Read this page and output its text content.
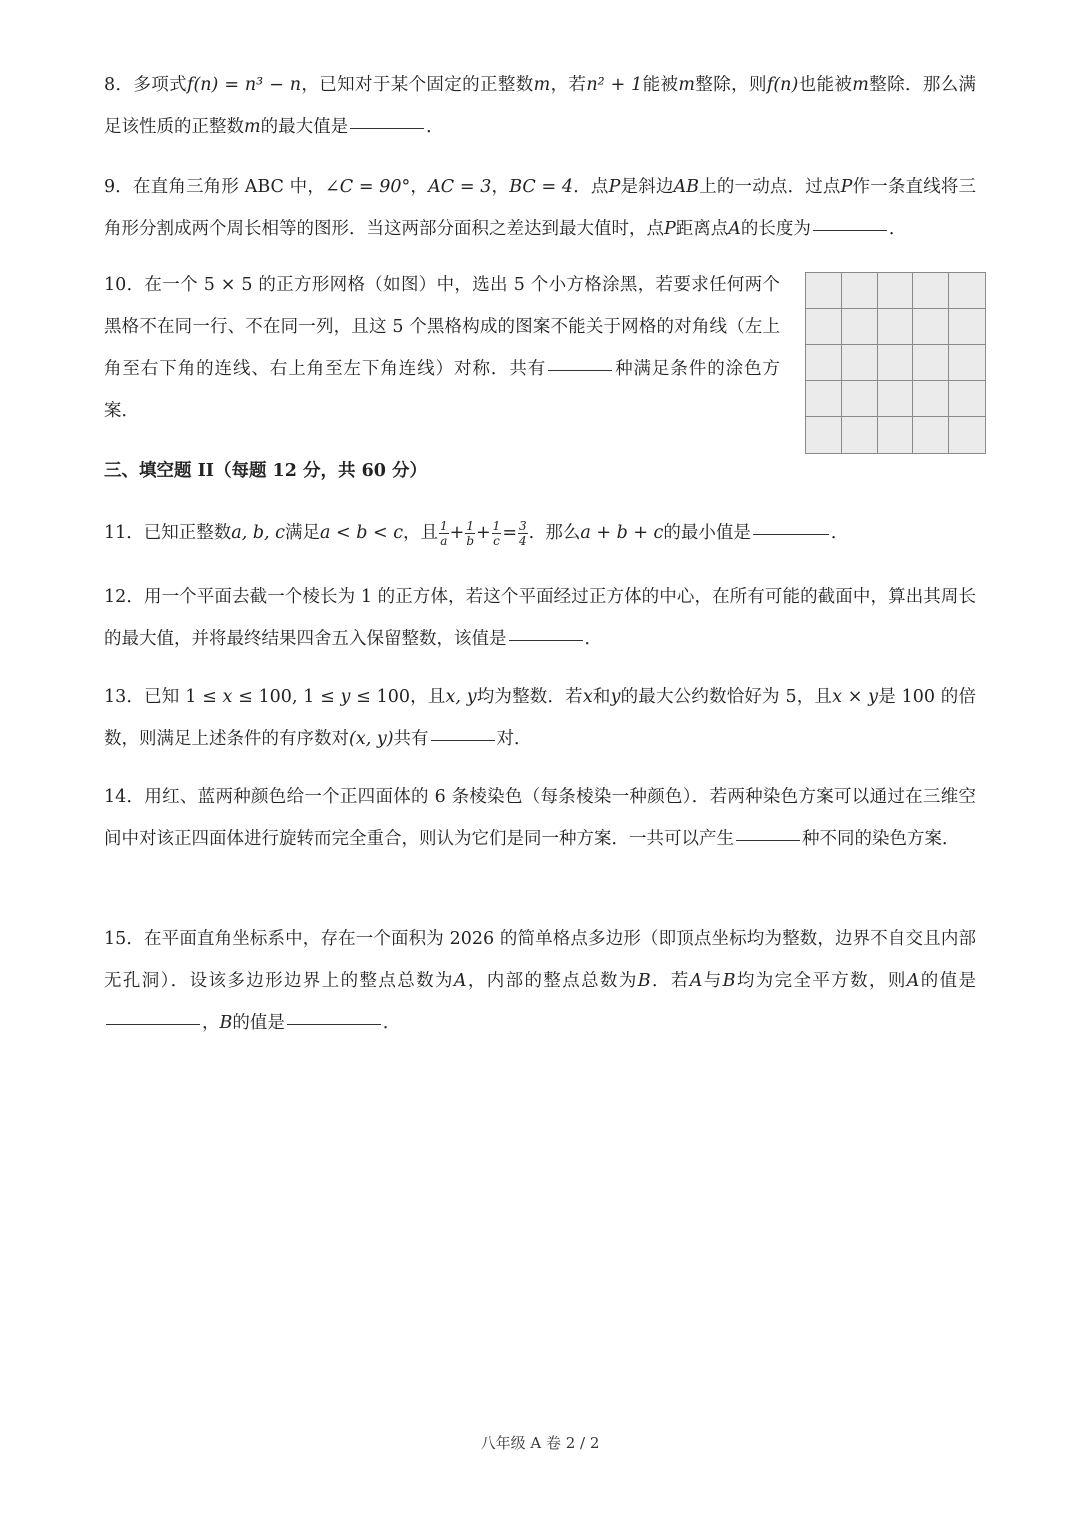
8．多项式f(n) = n³ − n，已知对于某个固定的正整数m，若n² + 1能被m整除，则f(n)也能被m整除．那么满足该性质的正整数m的最大值是	．

9．在直角三角形 ABC 中，∠C = 90°，AC = 3，BC = 4．点P是斜边AB上的一动点．过点P作一条直线将三角形分割成两个周长相等的图形．当这两部分面积之差达到最大值时，点P距离点A的长度为	．

10．在一个 5 × 5 的正方形网格（如图）中，选出 5 个小方格涂黑，若要求任何两个黑格不在同一行、不在同一列，且这 5 个黑格构成的图案不能关于网格的对角线（左上角至右下角的连线、右上角至左下角连线）对称．共有	种满足条件的涂色方案．

三、填空题 II（每题 12 分，共 60 分）

11．已知正整数a, b, c满足a < b < c，且 $\frac{1}{a} + \frac{1}{b} + \frac{1}{c} = \frac{3}{4}$ . 那么a + b + c的最小值是	．

12．用一个平面去截一个棱长为 1 的正方体，若这个平面经过正方体的中心，在所有可能的截面中，算出其周长的最大值，并将最终结果四舍五入保留整数，该值是	．

13．已知 1 ≤ x ≤ 100, 1 ≤ y ≤ 100，且x, y均为整数．若x和y的最大公约数恰好为 5，且x × y是 100 的倍数，则满足上述条件的有序数对(x, y)共有	对．

14．用红、蓝两种颜色给一个正四面体的 6 条棱染色（每条棱染一种颜色）．若两种染色方案可以通过在三维空间中对该正四面体进行旋转而完全重合，则认为它们是同一种方案．一共可以产生	种不同的染色方案．

15．在平面直角坐标系中，存在一个面积为 2026 的简单格点多边形（即顶点坐标均为整数，边界不自交且内部无孔洞）．设该多边形边界上的整点总数为A，内部的整点总数为B．若A与B均为完全平方数，则A的值是，B的值是	．

八年级 A 卷 2 / 2
